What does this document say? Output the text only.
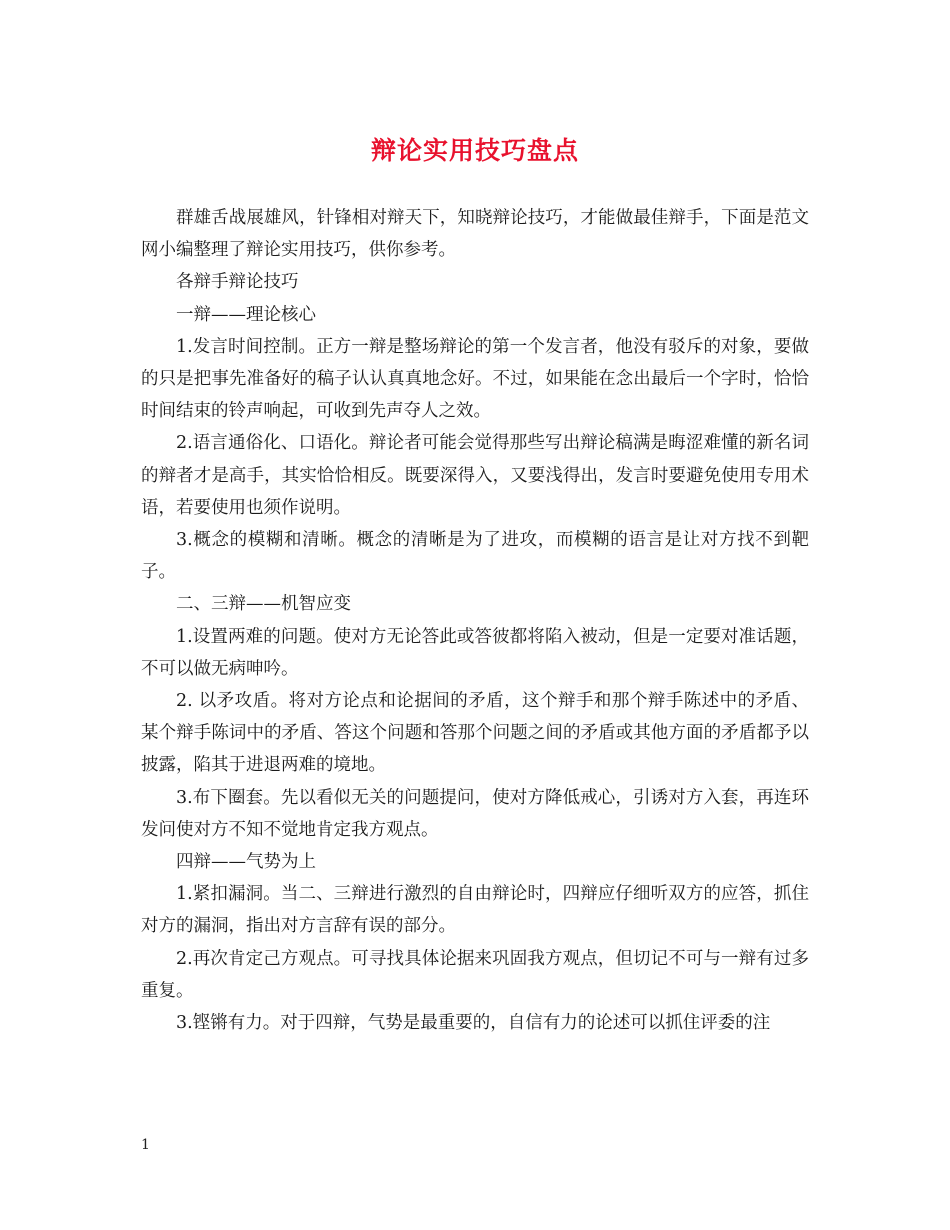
辩论实用技巧盘点

群雄舌战展雄风，针锋相对辩天下，知晓辩论技巧，才能做最佳辩手，下面是范文网小编整理了辩论实用技巧，供你参考。

各辩手辩论技巧

一辩——理论核心

1.发言时间控制。正方一辩是整场辩论的第一个发言者，他没有驳斥的对象，要做的只是把事先准备好的稿子认认真真地念好。不过，如果能在念出最后一个字时，恰恰时间结束的铃声响起，可收到先声夺人之效。

2.语言通俗化、口语化。辩论者可能会觉得那些写出辩论稿满是晦涩难懂的新名词的辩者才是高手，其实恰恰相反。既要深得入，又要浅得出，发言时要避免使用专用术语，若要使用也须作说明。

3.概念的模糊和清晰。概念的清晰是为了进攻，而模糊的语言是让对方找不到靶子。

二、三辩——机智应变

1.设置两难的问题。使对方无论答此或答彼都将陷入被动，但是一定要对准话题，不可以做无病呻吟。

2. 以矛攻盾。将对方论点和论据间的矛盾，这个辩手和那个辩手陈述中的矛盾、某个辩手陈词中的矛盾、答这个问题和答那个问题之间的矛盾或其他方面的矛盾都予以披露，陷其于进退两难的境地。

3.布下圈套。先以看似无关的问题提问，使对方降低戒心，引诱对方入套，再连环发问使对方不知不觉地肯定我方观点。

四辩——气势为上

1.紧扣漏洞。当二、三辩进行激烈的自由辩论时，四辩应仔细听双方的应答，抓住对方的漏洞，指出对方言辞有误的部分。

2.再次肯定己方观点。可寻找具体论据来巩固我方观点，但切记不可与一辩有过多重复。

3.铿锵有力。对于四辩，气势是最重要的，自信有力的论述可以抓住评委的注

1
